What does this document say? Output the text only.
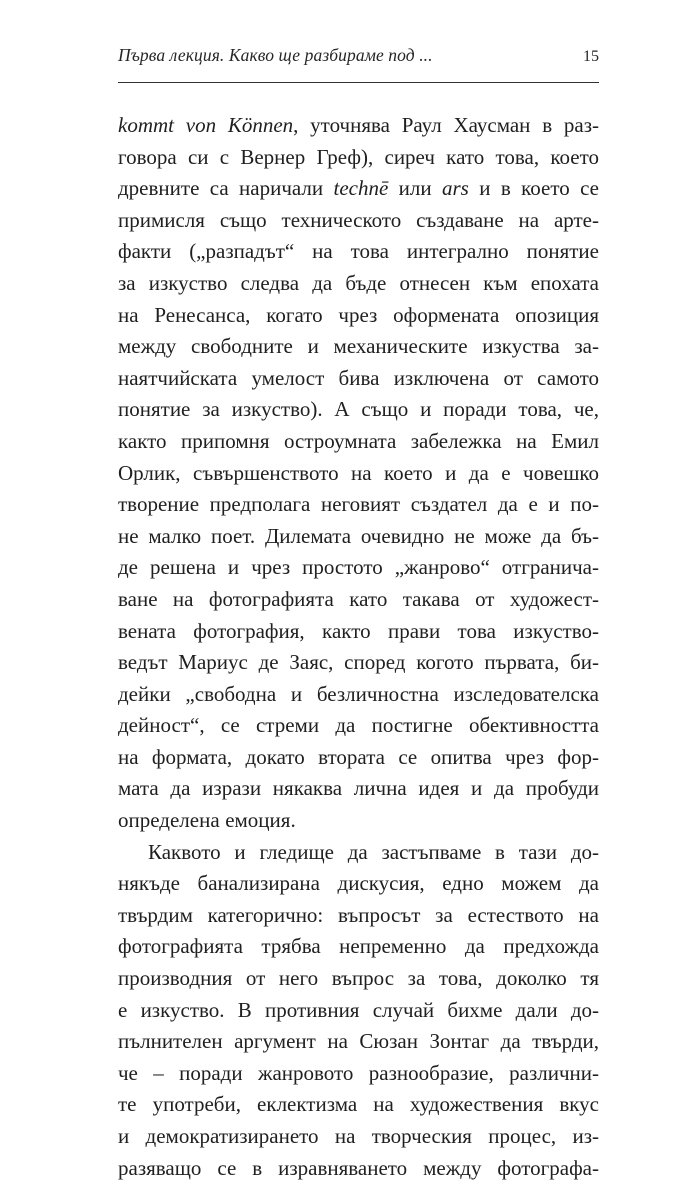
Първа лекция. Какво ще разбираме под ...	15
kommt von Können, уточнява Раул Хаусман в раз-
говора си с Вернер Греф), сиреч като това, което
древните са наричали technē или ars и в което се
примисля също техническото създаване на арте-
факти („разпадът“ на това интегрално понятие
за изкуство следва да бъде отнесен към епохата
на Ренесанса, когато чрез оформената опозиция
между свободните и механическите изкуства за-
наятчийската умелост бива изключена от самото
понятие за изкуство). А също и поради това, че,
както припомня остроумната забележка на Емил
Орлик, съвършенството на което и да е човешко
творение предполага неговият създател да е и по-
не малко поет. Дилемата очевидно не може да бъ-
де решена и чрез простото „жанрово“ отгранича-
ване на фотографията като такава от художест-
вената фотография, както прави това изкуство-
ведът Мариус де Заяс, според когото първата, би-
дейки „свободна и безличностна изследователска
дейност“, се стреми да постигне обективността
на формата, докато втората се опитва чрез фор-
мата да изрази някаква лична идея и да пробуди
определена емоция.
Каквото и гледище да застъпваме в тази до-
някъде банализирана дискусия, едно можем да
твърдим категорично: въпросът за естеството на
фотографията трябва непременно да предхожда
производния от него въпрос за това, доколко тя
е изкуство. В противния случай бихме дали до-
пълнителен аргумент на Сюзан Зонтаг да твърди,
че – поради жанровото разнообразие, различни-
те употреби, еклектизма на художествения вкус
и демократизирането на творческия процес, из-
разяващо се в изравняването между фотографа-
